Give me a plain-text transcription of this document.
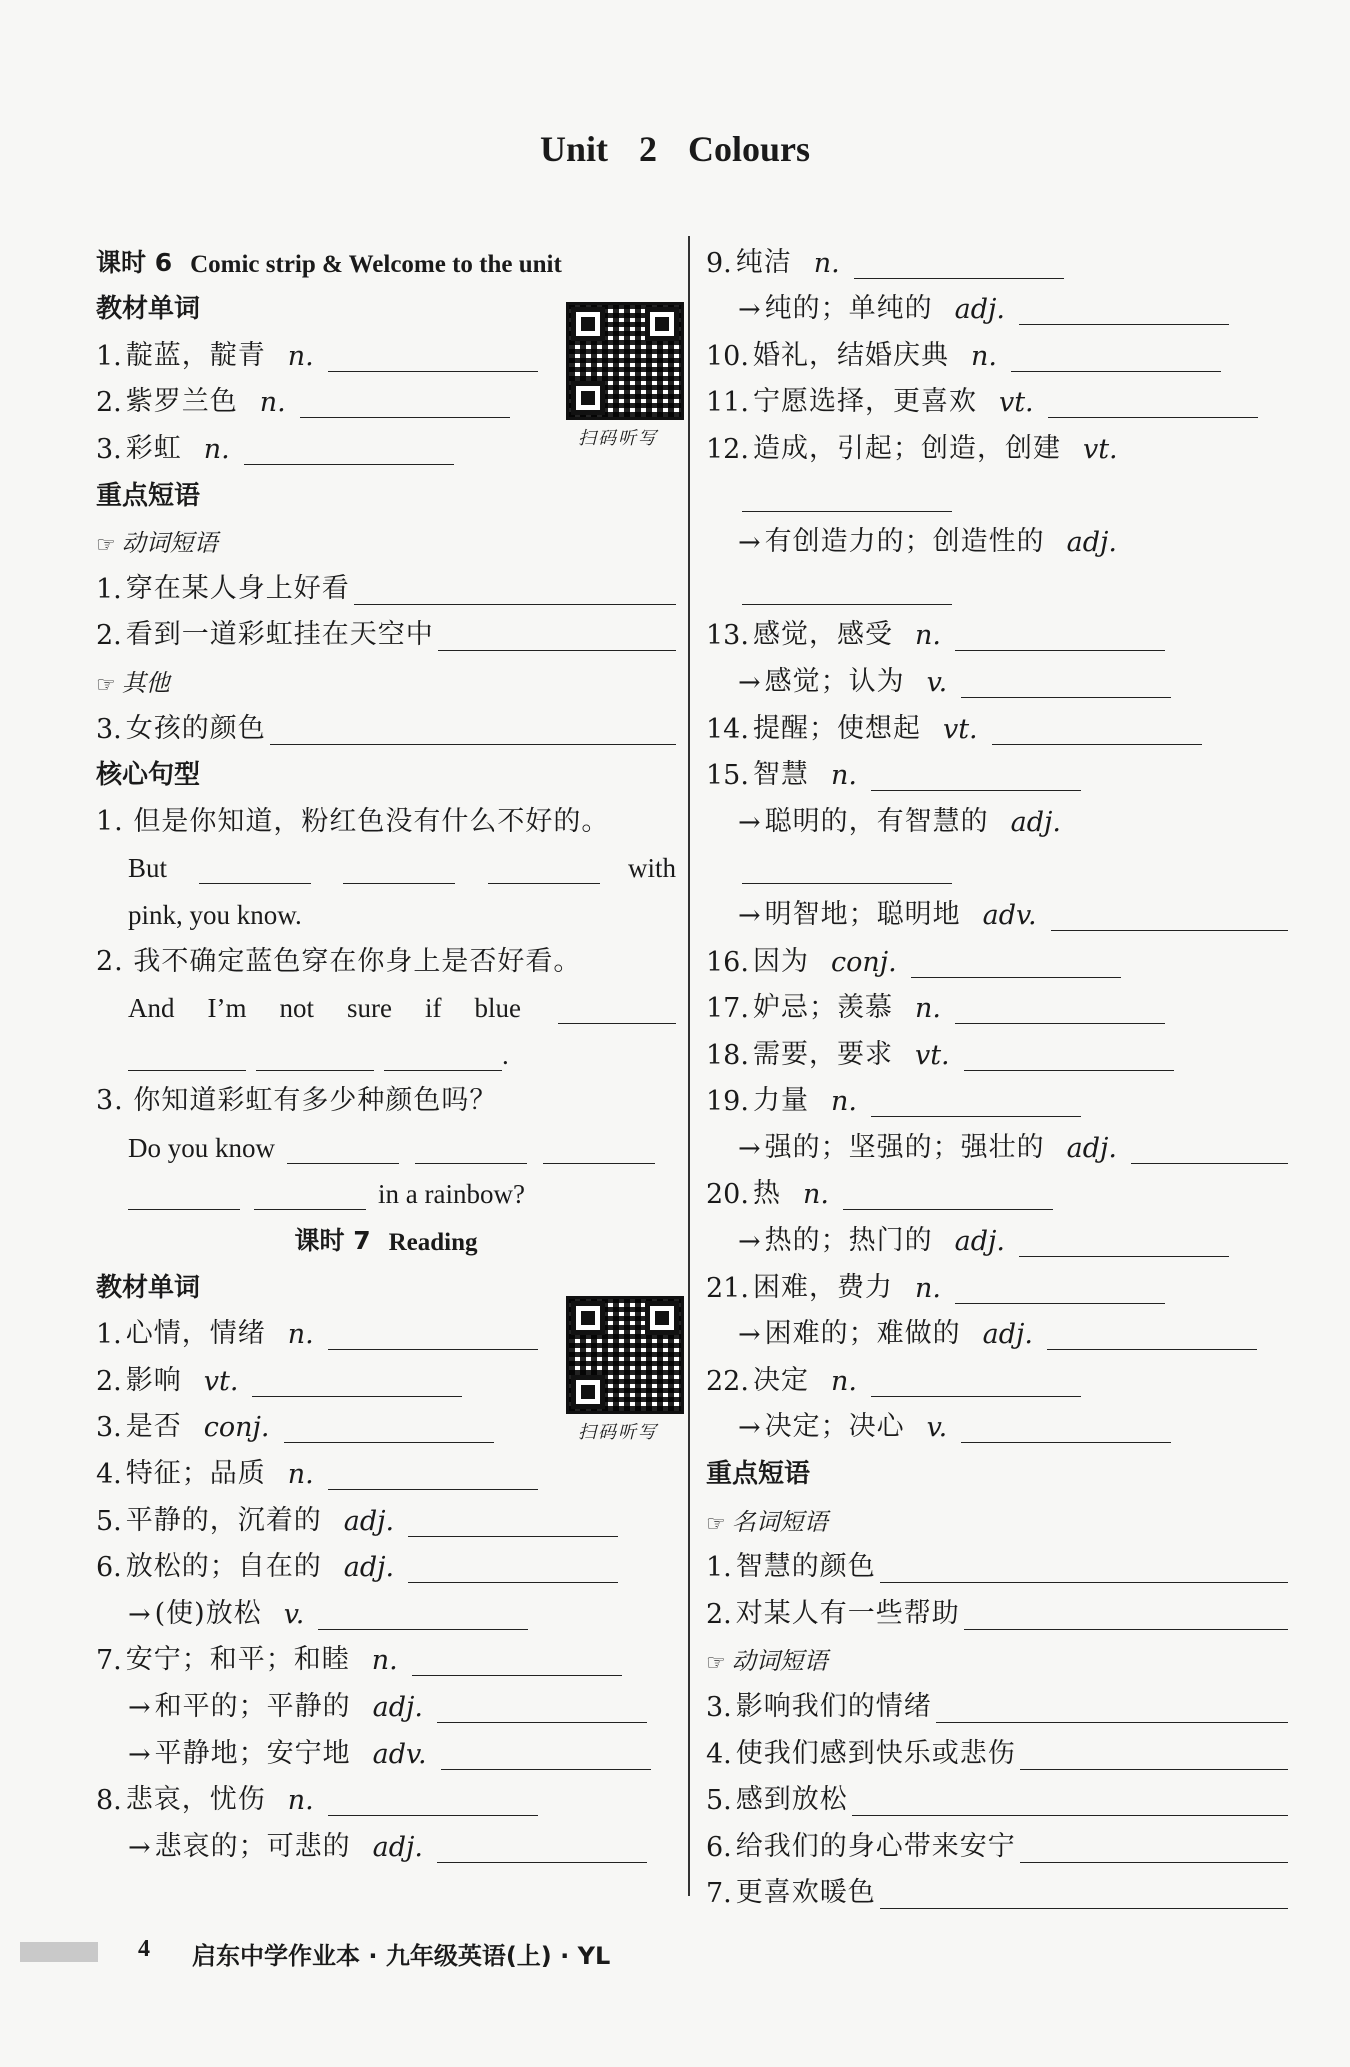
Unit 2 Colours
扫码听写
扫码听写
课时 6 Comic strip & Welcome to the unit
教材单词
1. 靛蓝，靛青 n.
2. 紫罗兰色 n.
3. 彩虹 n.
重点短语
☞ 动词短语
1. 穿在某人身上好看
2. 看到一道彩虹挂在天空中
☞ 其他
3. 女孩的颜色
核心句型
1. 但是你知道，粉红色没有什么不好的。
But	with
pink, you know.
2. 我不确定蓝色穿在你身上是否好看。
And I’m not sure if blue
.
3. 你知道彩虹有多少种颜色吗？
Do you know
in a rainbow?
课时 7 Reading
教材单词
1. 心情，情绪 n.
2. 影响 vt.
3. 是否 conj.
4. 特征；品质 n.
5. 平静的，沉着的 adj.
6. 放松的；自在的 adj.
→ (使)放松 v.
7. 安宁；和平；和睦 n.
→ 和平的；平静的 adj.
→ 平静地；安宁地 adv.
8. 悲哀，忧伤 n.
→ 悲哀的；可悲的 adj.
9. 纯洁 n.
→ 纯的；单纯的 adj.
10. 婚礼，结婚庆典 n.
11. 宁愿选择，更喜欢 vt.
12. 造成，引起；创造，创建 vt.
→ 有创造力的；创造性的 adj.
13. 感觉，感受 n.
→ 感觉；认为 v.
14. 提醒；使想起 vt.
15. 智慧 n.
→ 聪明的，有智慧的 adj.
→ 明智地；聪明地 adv.
16. 因为 conj.
17. 妒忌；羡慕 n.
18. 需要，要求 vt.
19. 力量 n.
→ 强的；坚强的；强壮的 adj.
20. 热 n.
→ 热的；热门的 adj.
21. 困难，费力 n.
→ 困难的；难做的 adj.
22. 决定 n.
→ 决定；决心 v.
重点短语
☞ 名词短语
1. 智慧的颜色
2. 对某人有一些帮助
☞ 动词短语
3. 影响我们的情绪
4. 使我们感到快乐或悲伤
5. 感到放松
6. 给我们的身心带来安宁
7. 更喜欢暖色
4 启东中学作业本 · 九年级英语(上) · YL
